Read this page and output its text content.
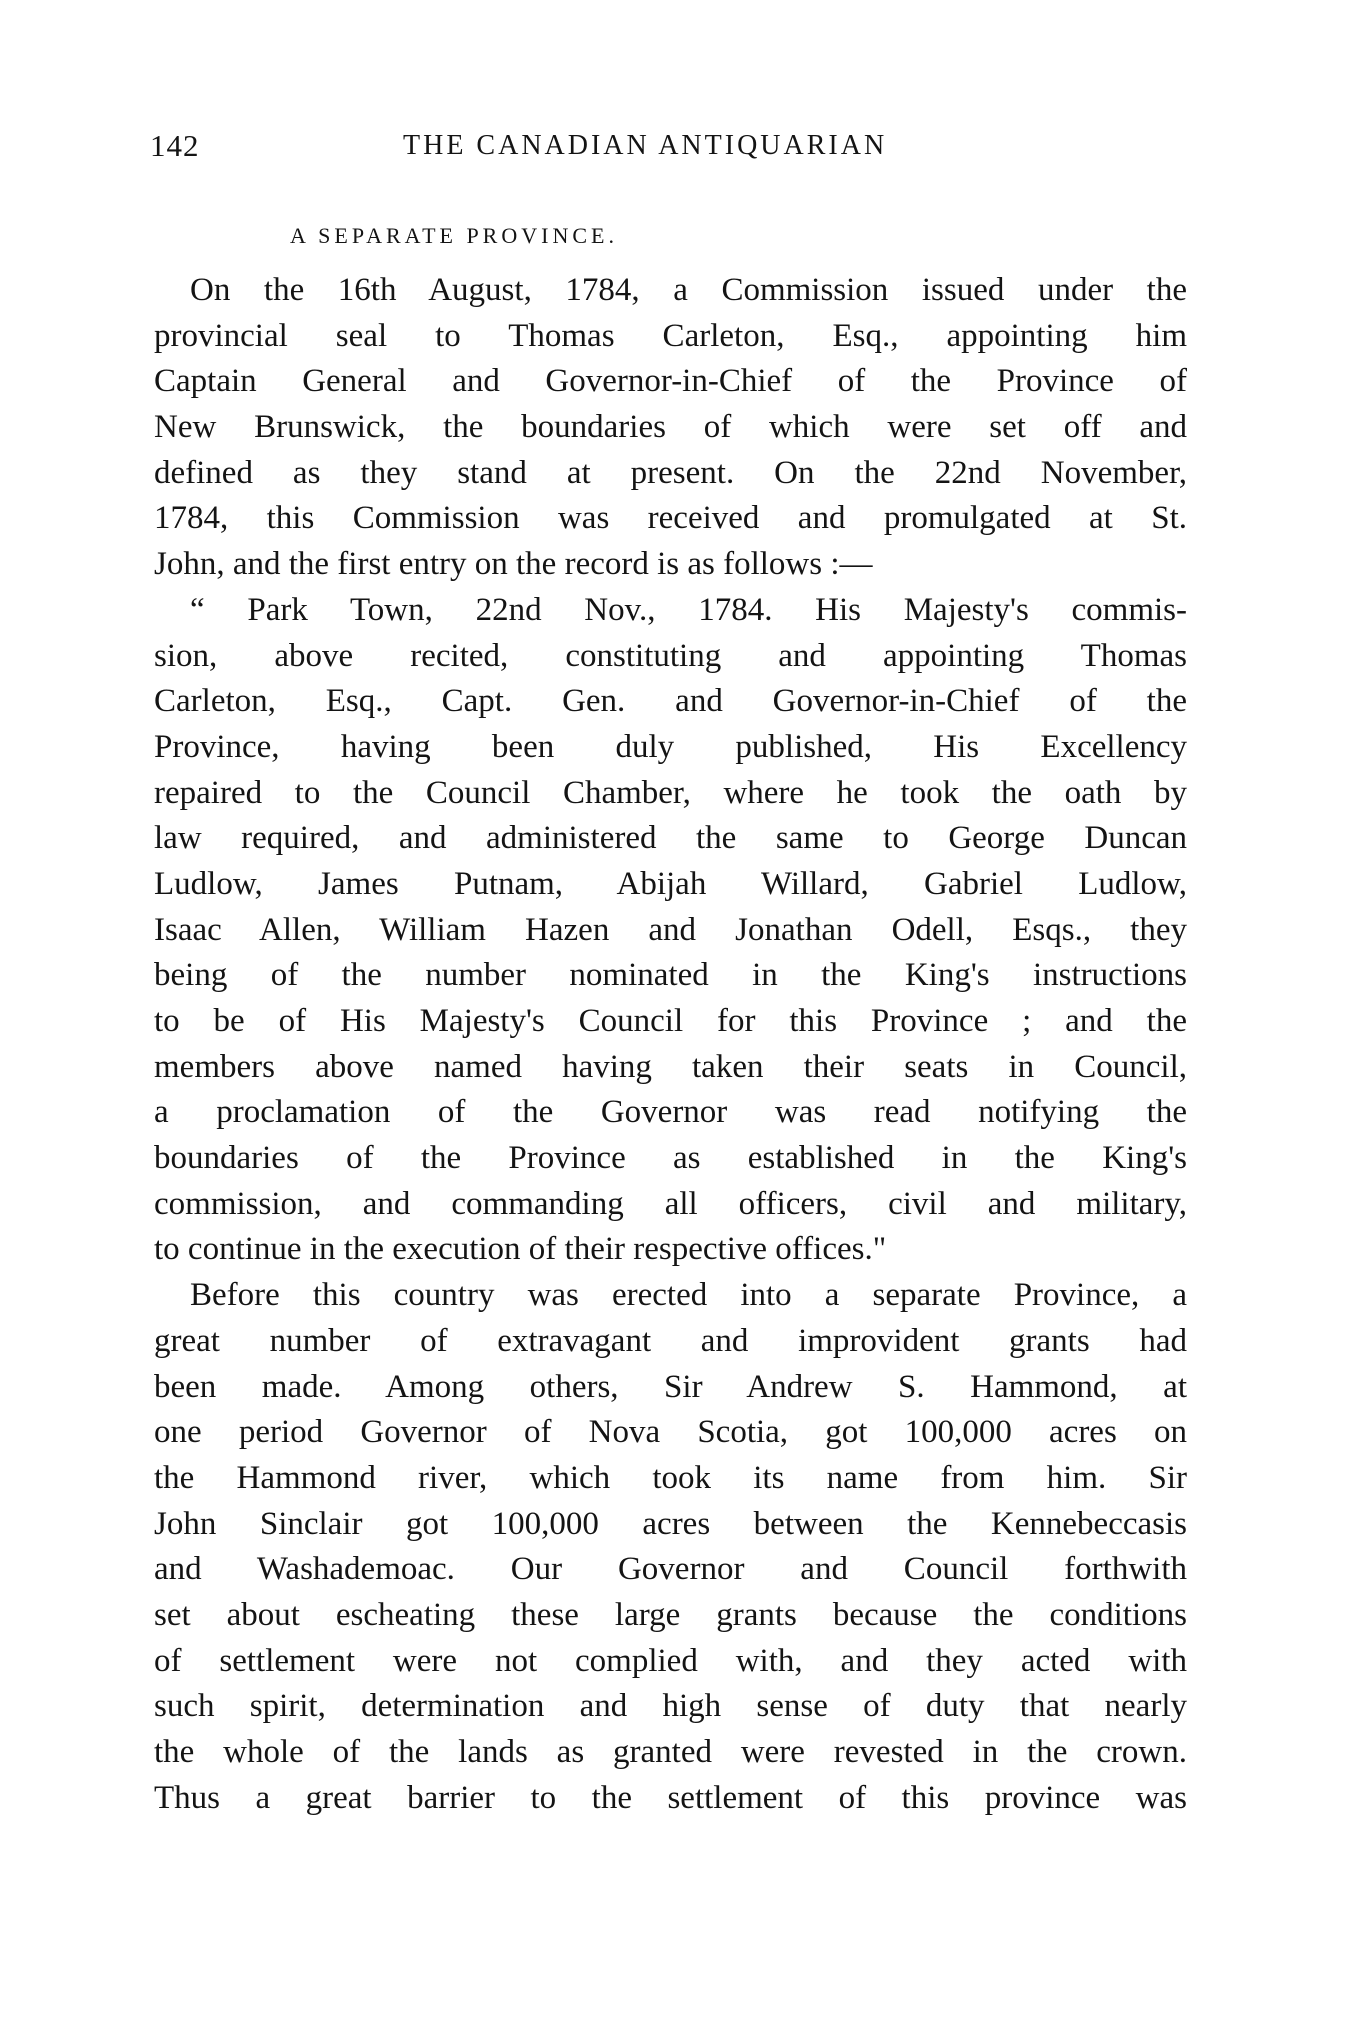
142	THE CANADIAN ANTIQUARIAN
A SEPARATE PROVINCE.
On the 16th August, 1784, a Commission issued under the
provincial seal to Thomas Carleton, Esq., appointing him
Captain General and Governor-in-Chief of the Province of
New Brunswick, the boundaries of which were set off and
defined as they stand at present. On the 22nd November,
1784, this Commission was received and promulgated at St.
John, and the first entry on the record is as follows :—
“ Park Town, 22nd Nov., 1784. His Majesty's commis-
sion, above recited, constituting and appointing Thomas
Carleton, Esq., Capt. Gen. and Governor-in-Chief of the
Province, having been duly published, His Excellency
repaired to the Council Chamber, where he took the oath by
law required, and administered the same to George Duncan
Ludlow, James Putnam, Abijah Willard, Gabriel Ludlow,
Isaac Allen, William Hazen and Jonathan Odell, Esqs., they
being of the number nominated in the King's instructions
to be of His Majesty's Council for this Province ; and the
members above named having taken their seats in Council,
a proclamation of the Governor was read notifying the
boundaries of the Province as established in the King's
commission, and commanding all officers, civil and military,
to continue in the execution of their respective offices."
Before this country was erected into a separate Province, a
great number of extravagant and improvident grants had
been made. Among others, Sir Andrew S. Hammond, at
one period Governor of Nova Scotia, got 100,000 acres on
the Hammond river, which took its name from him. Sir
John Sinclair got 100,000 acres between the Kennebeccasis
and Washademoac. Our Governor and Council forthwith
set about escheating these large grants because the conditions
of settlement were not complied with, and they acted with
such spirit, determination and high sense of duty that nearly
the whole of the lands as granted were revested in the crown.
Thus a great barrier to the settlement of this province was
